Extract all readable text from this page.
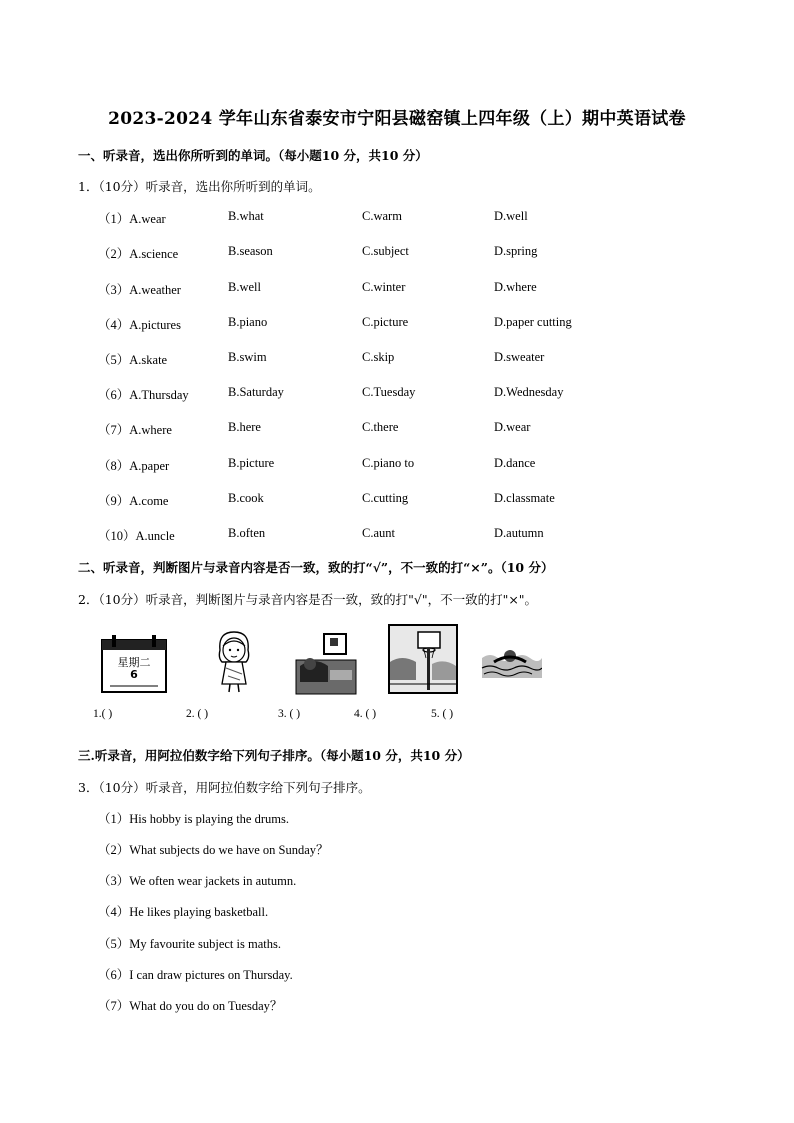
2023-2024 学年山东省泰安市宁阳县磁窑镇上四年级（上）期中英语试卷
一、听录音，选出你所听到的单词。（每小题10 分，共10 分）
1．（10分）听录音，选出你所听到的单词。
（1）A.wear	B.what	C.warm	D.well
（2）A.science	B.season	C.subject	D.spring
（3）A.weather	B.well	C.winter	D.where
（4）A.pictures	B.piano	C.picture	D.paper cutting
（5）A.skate	B.swim	C.skip	D.sweater
（6）A.Thursday	B.Saturday	C.Tuesday	D.Wednesday
（7）A.where	B.here	C.there	D.wear
（8）A.paper	B.picture	C.piano to	D.dance
（9）A.come	B.cook	C.cutting	D.classmate
（10）A.uncle	B.often	C.aunt	D.autumn
二、听录音，判断图片与录音内容是否一致，致的打“√”，不一致的打“×”。（10 分）
2．（10分）听录音，判断图片与录音内容是否一致，致的打"√"，不一致的打"×"。
星期二
6
1.( )	2. ( )	3. ( )	4. ( )	5. ( )
三.听录音，用阿拉伯数字给下列句子排序。（每小题10 分，共10 分）
3．（10分）听录音，用阿拉伯数字给下列句子排序。
（1）His hobby is playing the drums.
（2）What subjects do we have on Sunday？
（3）We often wear jackets in autumn.
（4）He likes playing basketball.
（5）My favourite subject is maths.
（6）I can draw pictures on Thursday.
（7）What do you do on Tuesday？
